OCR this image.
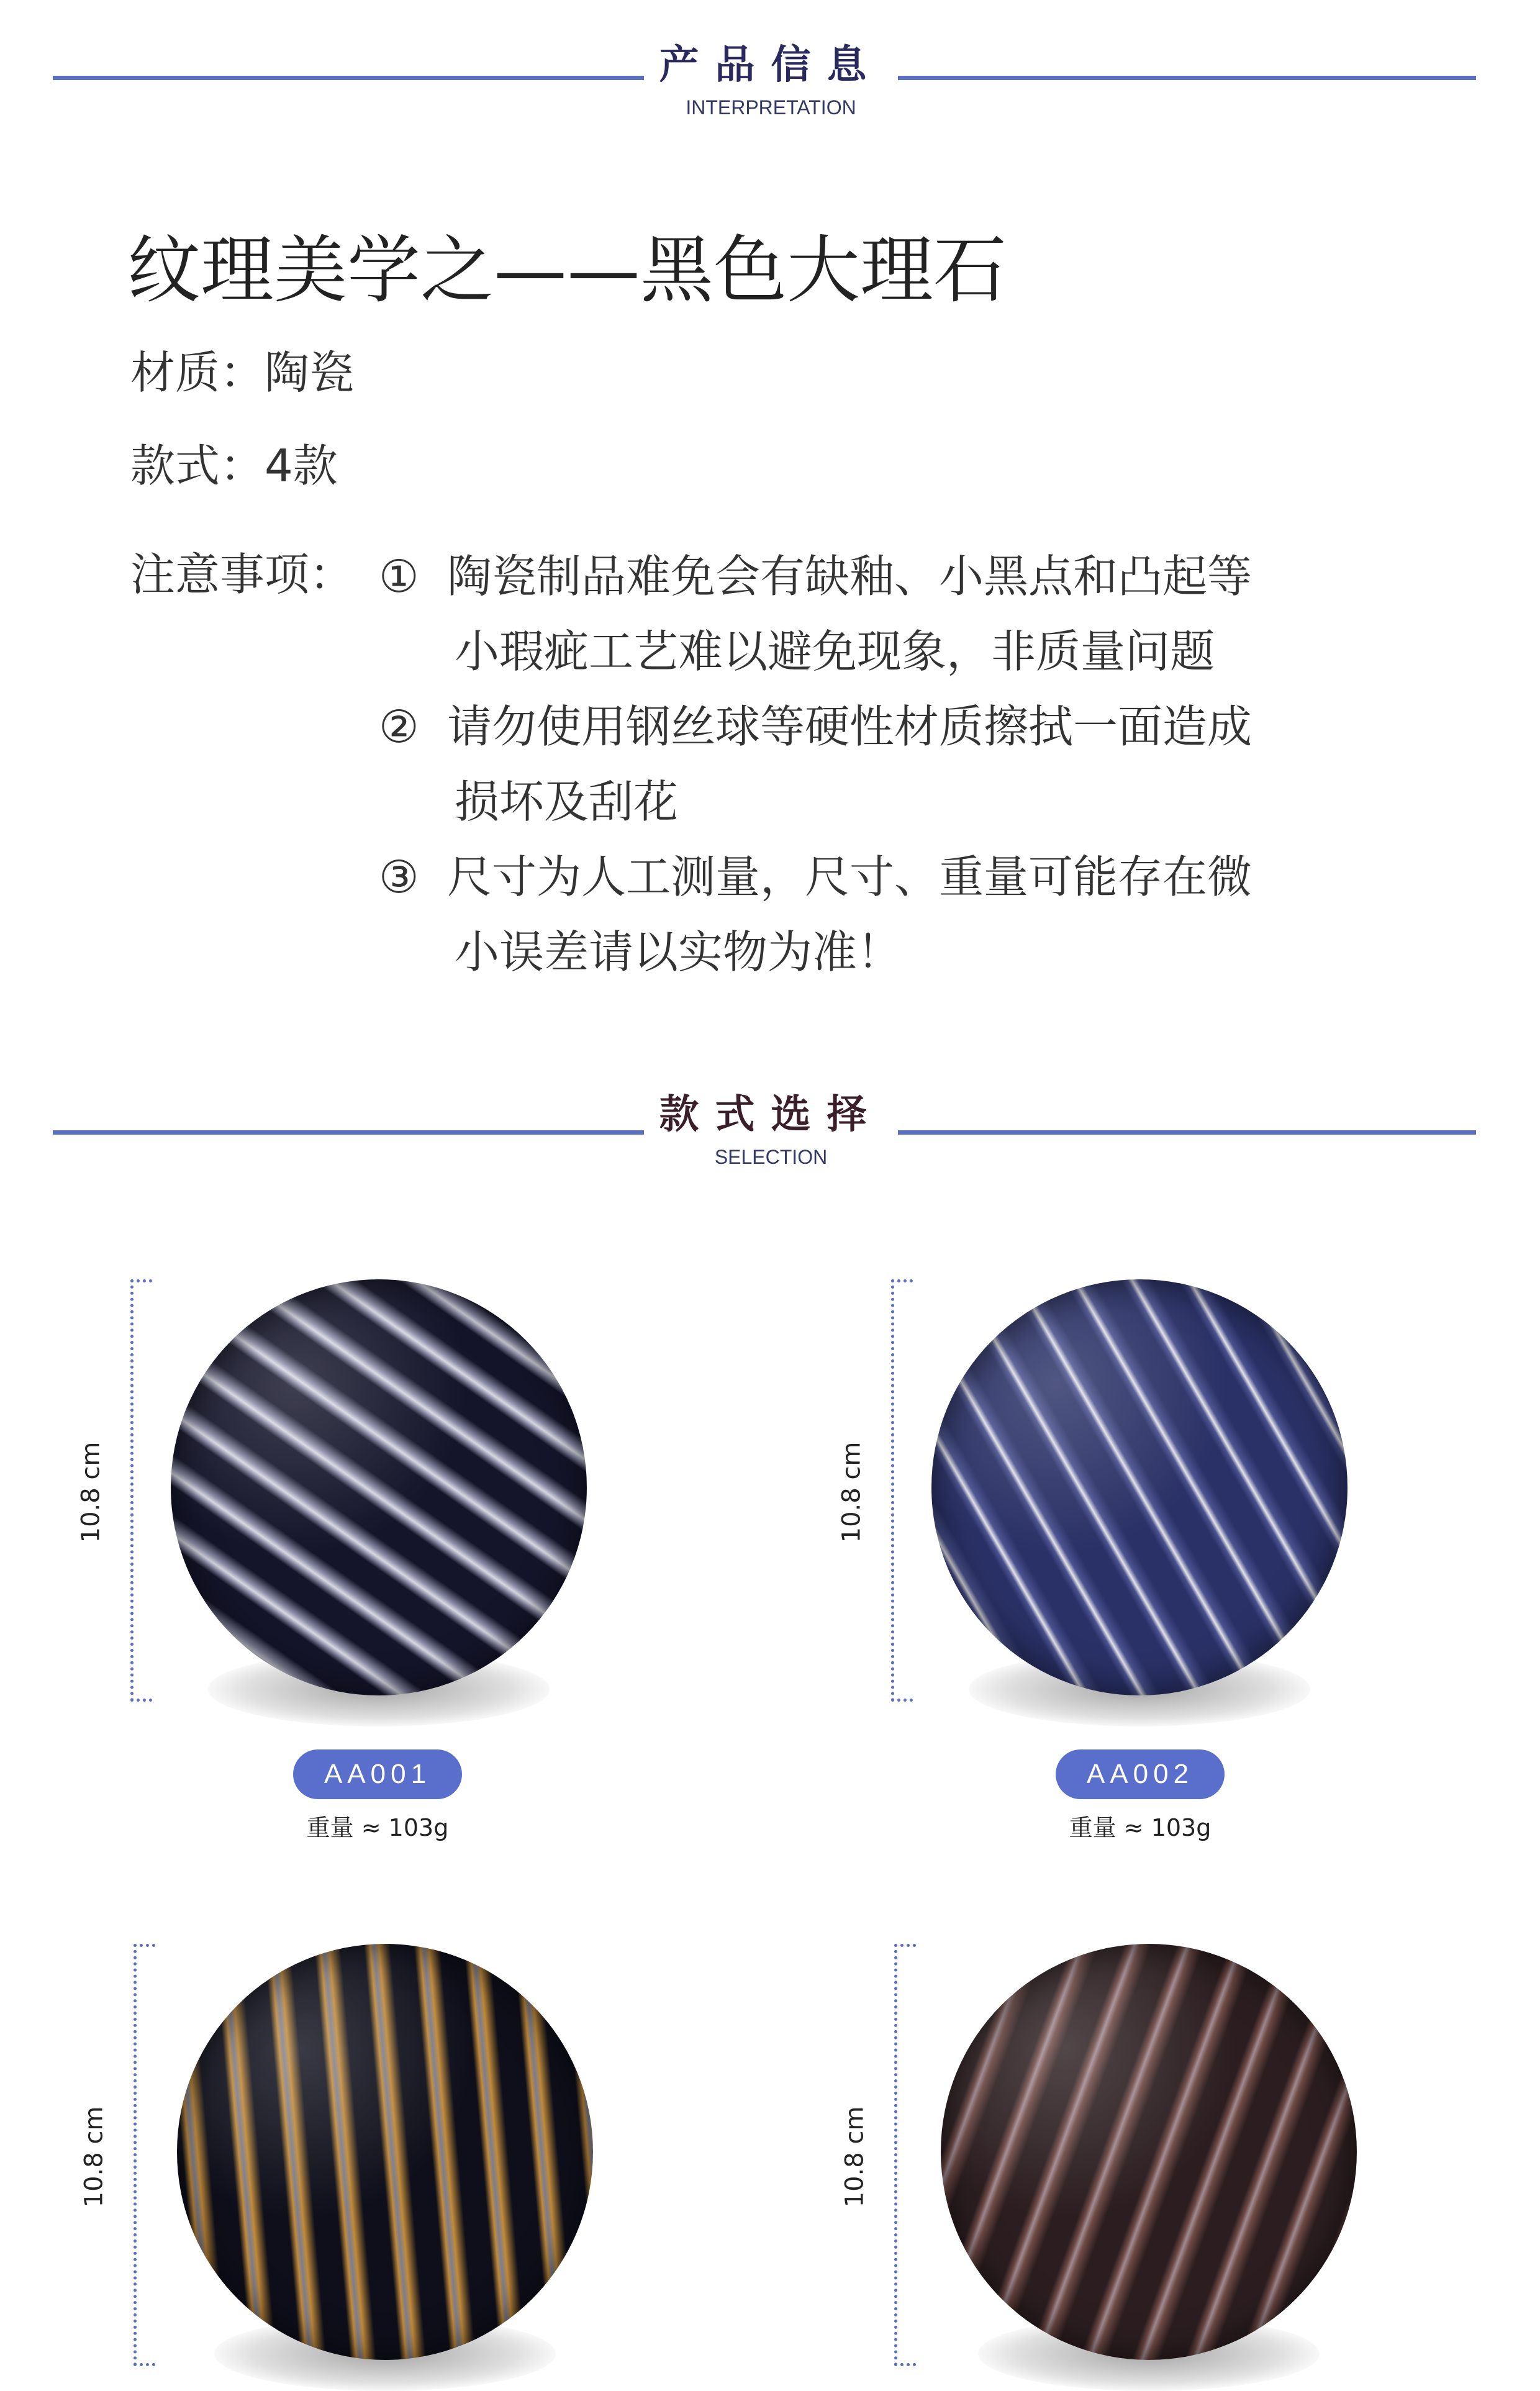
产品信息
INTERPRETATION
纹理美学之——黑色大理石
材质：陶瓷
款式：4款
注意事项： ① 陶瓷制品难免会有缺釉、小黑点和凸起等
小瑕疵工艺难以避免现象，非质量问题
② 请勿使用钢丝球等硬性材质擦拭一面造成
损坏及刮花
③ 尺寸为人工测量，尺寸、重量可能存在微
小误差请以实物为准！
款式选择
SELECTION
10.8 cm
AA001
重量 ≈ 103g
10.8 cm
AA002
重量 ≈ 103g
10.8 cm	10.8 cm
